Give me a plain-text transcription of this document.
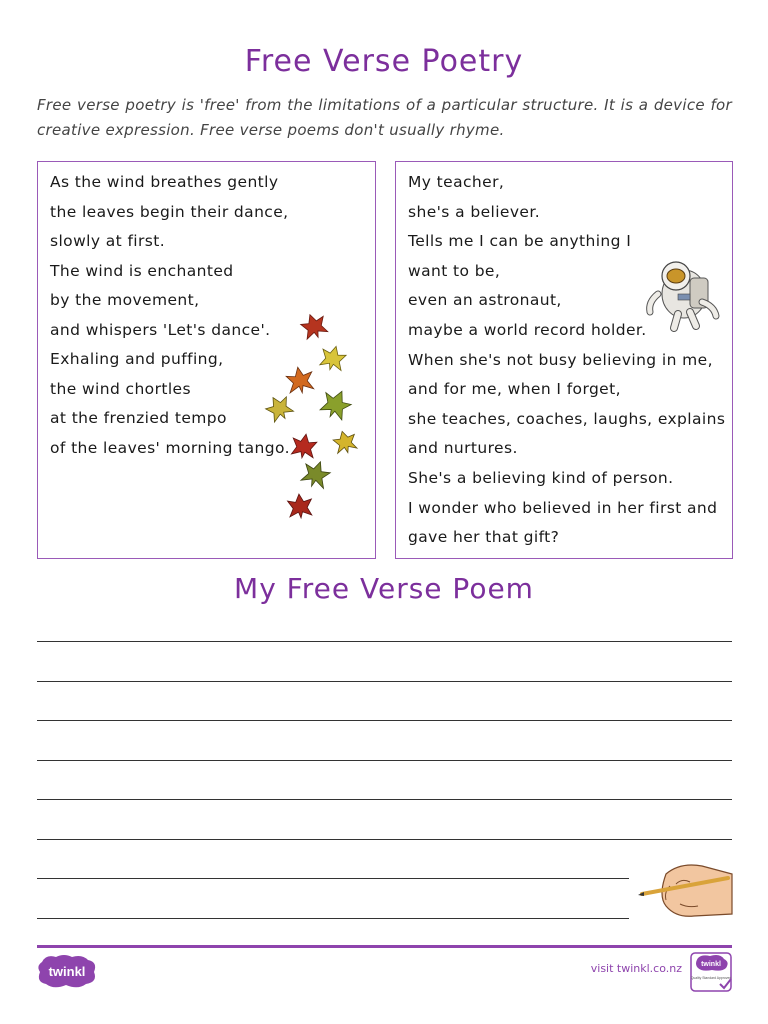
Free Verse Poetry
Free verse poetry is 'free' from the limitations of a particular structure. It is a device for creative expression. Free verse poems don't usually rhyme.
As the wind breathes gently
the leaves begin their dance,
slowly at first.
The wind is enchanted
by the movement,
and whispers 'Let's dance'.
Exhaling and puffing,
the wind chortles
at the frenzied tempo
of the leaves' morning tango.
My teacher,
she's a believer.
Tells me I can be anything I
want to be,
even an astronaut,
maybe a world record holder.
When she's not busy believing in me,
and for me, when I forget,
she teaches, coaches, laughs, explains
and nurtures.
She's a believing kind of person.
I wonder who believed in her first and
gave her that gift?
My Free Verse Poem
twinkl	visit twinkl.co.nz	twinkl
Quality Standard Approved
